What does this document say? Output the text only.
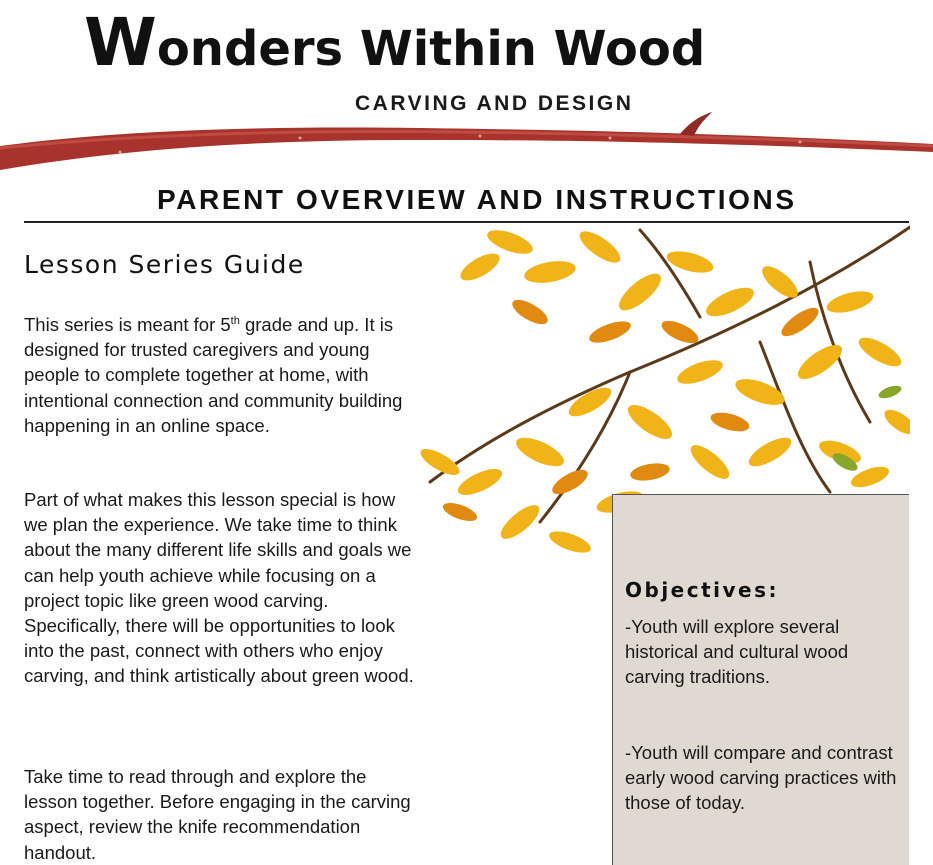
Wonders Within Wood
CARVING AND DESIGN
PARENT OVERVIEW AND INSTRUCTIONS
Lesson Series Guide

This series is meant for 5th grade and up. It is designed for trusted caregivers and young people to complete together at home, with intentional connection and community building happening in an online space.

Part of what makes this lesson special is how we plan the experience. We take time to think about the many different life skills and goals we can help youth achieve while focusing on a project topic like green wood carving. Specifically, there will be opportunities to look into the past, connect with others who enjoy carving, and think artistically about green wood.

Take time to read through and explore the lesson together. Before engaging in the carving aspect, review the knife recommendation handout.

Objectives:

-Youth will explore several historical and cultural wood carving traditions.

-Youth will compare and contrast early wood carving practices with those of today.
